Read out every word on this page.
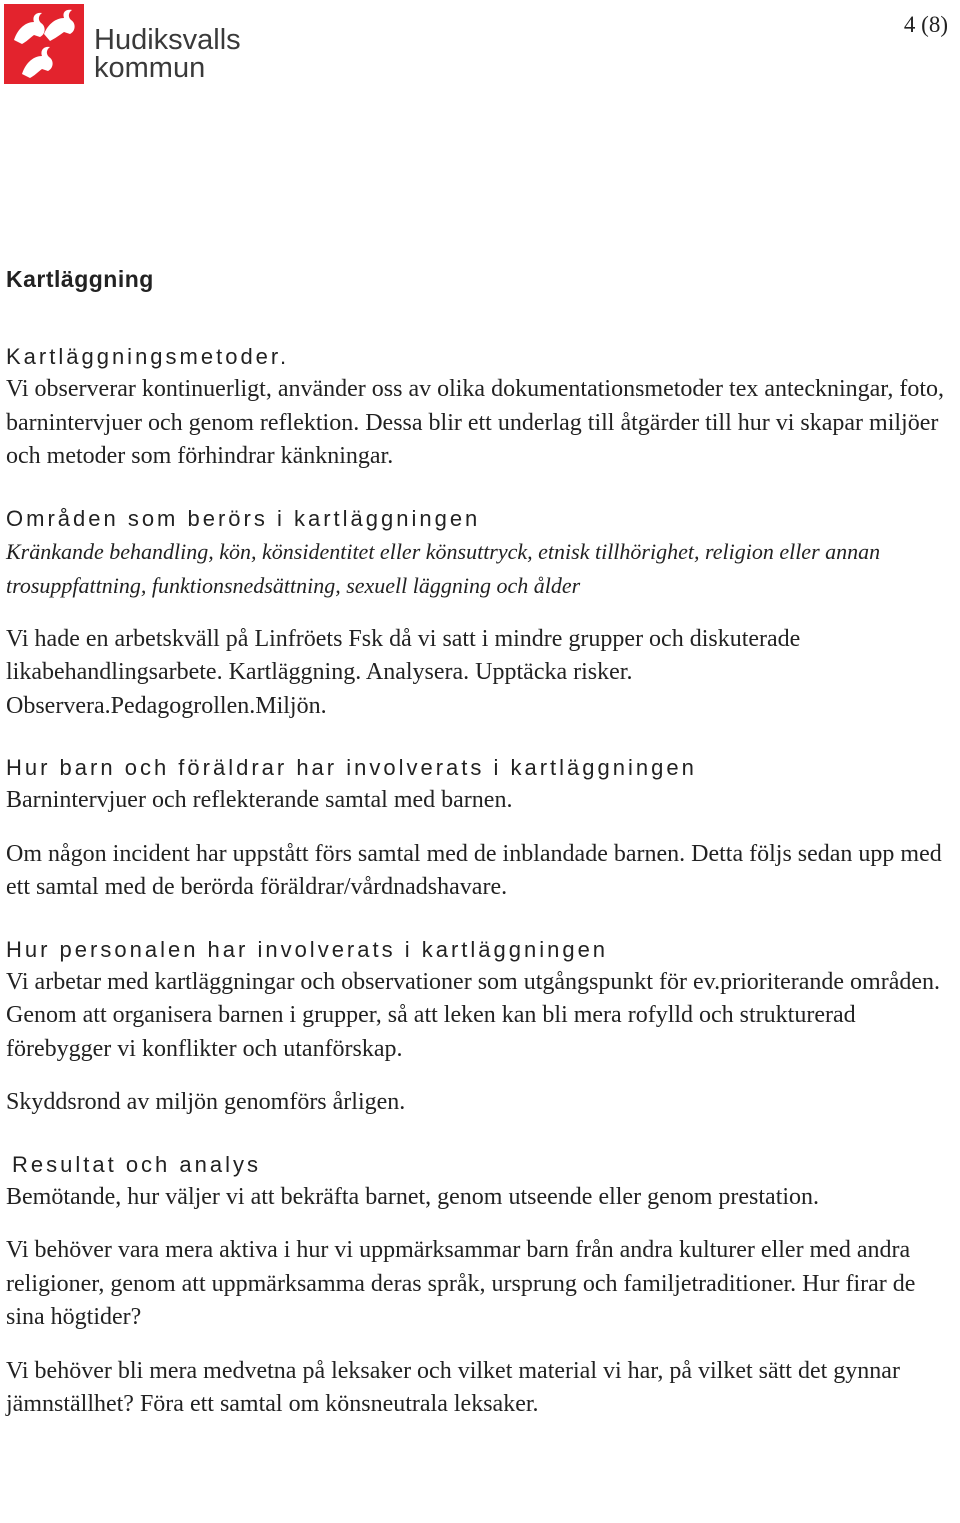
Hudiksvalls
kommun
4 (8)
Kartläggning
Kartläggningsmetoder.

Vi observerar kontinuerligt, använder oss av olika dokumentationsmetoder tex anteckningar, foto, barnintervjuer och genom reflektion. Dessa blir ett underlag till åtgärder till hur vi skapar miljöer och metoder som förhindrar känkningar.

Områden som berörs i kartläggningen

Kränkande behandling, kön, könsidentitet eller könsuttryck, etnisk tillhörighet, religion eller annan trosuppfattning, funktionsnedsättning, sexuell läggning och ålder

Vi hade en arbetskväll på Linfröets Fsk då vi satt i mindre grupper och diskuterade likabehandlingsarbete. Kartläggning. Analysera. Upptäcka risker. Observera.Pedagogrollen.Miljön.

Hur barn och föräldrar har involverats i kartläggningen

Barnintervjuer och reflekterande samtal med barnen.

Om någon incident har uppstått förs samtal med de inblandade barnen. Detta följs sedan upp med ett samtal med de berörda föräldrar/vårdnadshavare.

Hur personalen har involverats i kartläggningen

Vi arbetar med kartläggningar och observationer som utgångspunkt för ev.prioriterande områden. Genom att organisera barnen i grupper, så att leken kan bli mera rofylld och strukturerad förebygger vi konflikter och utanförskap.

Skyddsrond av miljön genomförs årligen.

Resultat och analys

Bemötande, hur väljer vi att bekräfta barnet, genom utseende eller genom prestation.

Vi behöver vara mera aktiva i hur vi uppmärksammar barn från andra kulturer eller med andra religioner, genom att uppmärksamma deras språk, ursprung och familjetraditioner. Hur firar de sina högtider?

Vi behöver bli mera medvetna på leksaker och vilket material vi har, på vilket sätt det gynnar jämnställhet? Föra ett samtal om könsneutrala leksaker.
